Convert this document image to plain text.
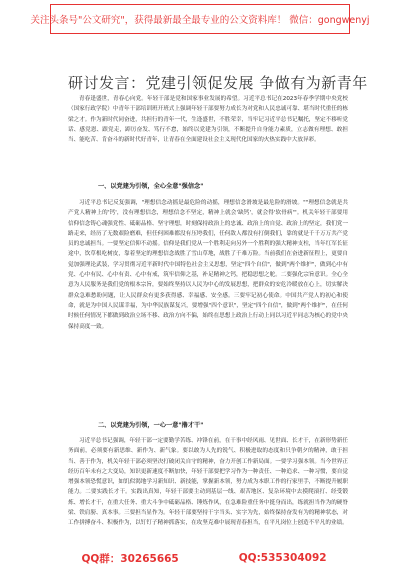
关注头条号"公文研究"，获得最新最全最专业的公文资料库！ 微信：gongwenyj
研讨发言：党建引领促发展 争做有为新青年

青春逢盛世，青春心向党。年轻干部是党和国家事业发展的希望。习近平总书记在2023年春季学期中央党校（国家行政学院）中青年干部培训班开班式上强调年轻干部要努力成长为对党和人民忠诚可靠、堪当时代重任的栋梁之才。作为新时代同奋进，共担行的青年一代，生逢盛世，不胜荣幸，当牢记习近平总书记嘱托，坚定不移听党话、感党恩、跟党走，踔厉奋发、笃行不怠，始终以党建为引领，不断提升自身能力素质，立志做有理想、敢担当、能吃苦、肯奋斗的新时代好青年，让青春在全面建设社会主义现代化国家的火热实践中大放异彩。

一、以党建为引领，全心全意"强信念"

习近平总书记反复强调，"理想信念动摇是最危险的动摇，理想信念滑坡是最危险的滑坡。""理想信念就是共产党人精神上的'钙'，没有理想信念，理想信念不坚定，精神上就会'缺钙'，就会得'软骨病'"。机关年轻干部要用信仰信念铸心魂强党性、砥砺品格、坚守理想，时刻保持政治上的忠诚、政治上的自觉、政治上的坚定，我们党一路走来，经历了无数艰险磨难，但任何困难都没有压垮我们，任何敌人都没有打倒我们，靠的就是千千万万共产党员的忠诚担当。一要坚定信仰不动摇。信仰是我们党从一个胜利走向另外一个胜利的强大精神支柱，当年红军长征途中，饮草根吃树皮，靠着坚定的理想信念战胜了雪山草地，战胜了千难万险。当前我们在奋进新征程上，更要自觉加强理论武装，学习贯彻习近平新时代中国特色社会主义思想，坚定"四个自信"，做到"两个维护"，做到心中有党、心中有民、心中有责、心中有戒，筑牢信仰之基，补足精神之钙，把稳思想之舵。二要强化宗旨意识。全心全意为人民服务是我们党的根本宗旨，要始终坚持以人民为中心的发展思想，把群众的安危冷暖放在心上，切实解决群众急难愁盼问题，让人民群众有更多获得感、幸福感、安全感。三要牢记初心使命。中国共产党人的初心和使命，就是为中国人民谋幸福，为中华民族谋复兴，要增强"四个意识"，坚定"四个自信"，做到"两个维护"，在任何时候任何情况下都做到政治立场不移、政治方向不偏，始终在思想上政治上行动上同以习近平同志为核心的党中央保持高度一致。

二、以党建为引领，一心一意"撸才干"

习近平总书记强调，年轻干部一定要勤学苦练、冲锋在前，在干事中经风雨、见世面、长才干，在新形势新任务面前，必须要有新思维、新作为、新气象。要以敢为人先的锐气、积极进取的态度和只争朝夕的精神，敢于担当、善于作为，机关年轻干部必须坚决打破闭关自守的精神，奋力开创工作新局面。一要学习强本领。当今世界正经历百年未有之大变局，知识更新速度不断加快，年轻干部要把学习作为一种责任、一种追求、一种习惯，要自觉增强本领恐慌意识，如饥似渴地学习新知识、新技能，掌握新本领，努力成为本职工作的行家里手，不断提升履职能力。二要实践长才干。实践出真知，年轻干部要主动到基层一线、艰苦地区、复杂环境中去摸爬滚打、经受锻炼、增长才干，在重大任务、重大斗争中砥砺品格、锤炼作风，在急难险重任务中挺身而出，练就担当作为的硬脊梁、铁肩膀、真本事。三要担当显作为。年轻干部要坚持干字当头、实字为先，始终保持奋发有为的精神状态，对工作拼搏奋斗、积极作为，以钉钉子精神抓落实，在攻坚克难中展现青春担当，在平凡岗位上创造不平凡的业绩。

QQ群：30265665	QQ:535304092
